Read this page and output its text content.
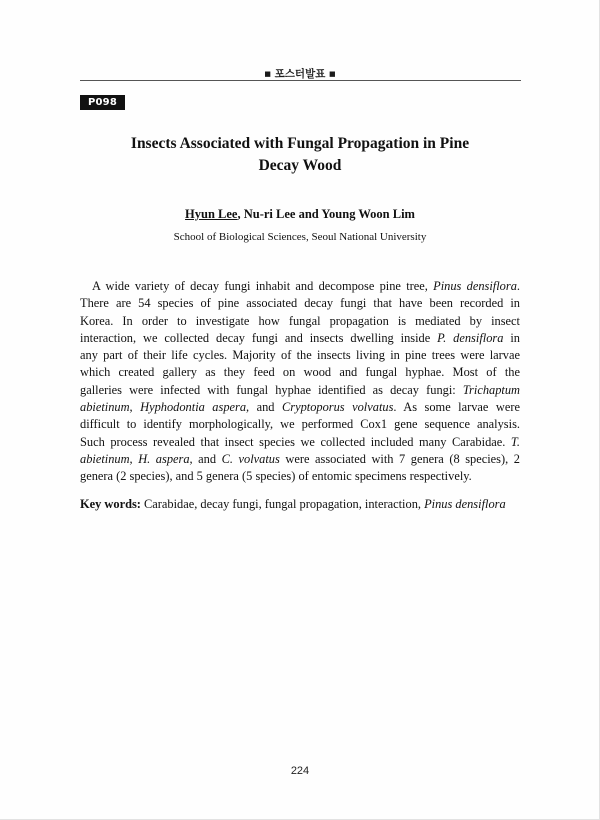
■ 포스터발표 ■
P098
Insects Associated with Fungal Propagation in Pine
Decay Wood
Hyun Lee, Nu-ri Lee and Young Woon Lim
School of Biological Sciences, Seoul National University
A wide variety of decay fungi inhabit and decompose pine tree, Pinus densiflora.
There are 54 species of pine associated decay fungi that have been recorded in
Korea. In order to investigate how fungal propagation is mediated by insect
interaction, we collected decay fungi and insects dwelling inside P. densiflora in
any part of their life cycles. Majority of the insects living in pine trees were larvae
which created gallery as they feed on wood and fungal hyphae. Most of the
galleries were infected with fungal hyphae identified as decay fungi: Trichaptum
abietinum, Hyphodontia aspera, and Cryptoporus volvatus. As some larvae were
difficult to identify morphologically, we performed Cox1 gene sequence analysis.
Such process revealed that insect species we collected included many Carabidae. T.
abietinum, H. aspera, and C. volvatus were associated with 7 genera (8 species), 2
genera (2 species), and 5 genera (5 species) of entomic specimens respectively.
Key words: Carabidae, decay fungi, fungal propagation, interaction, Pinus densiflora
224
